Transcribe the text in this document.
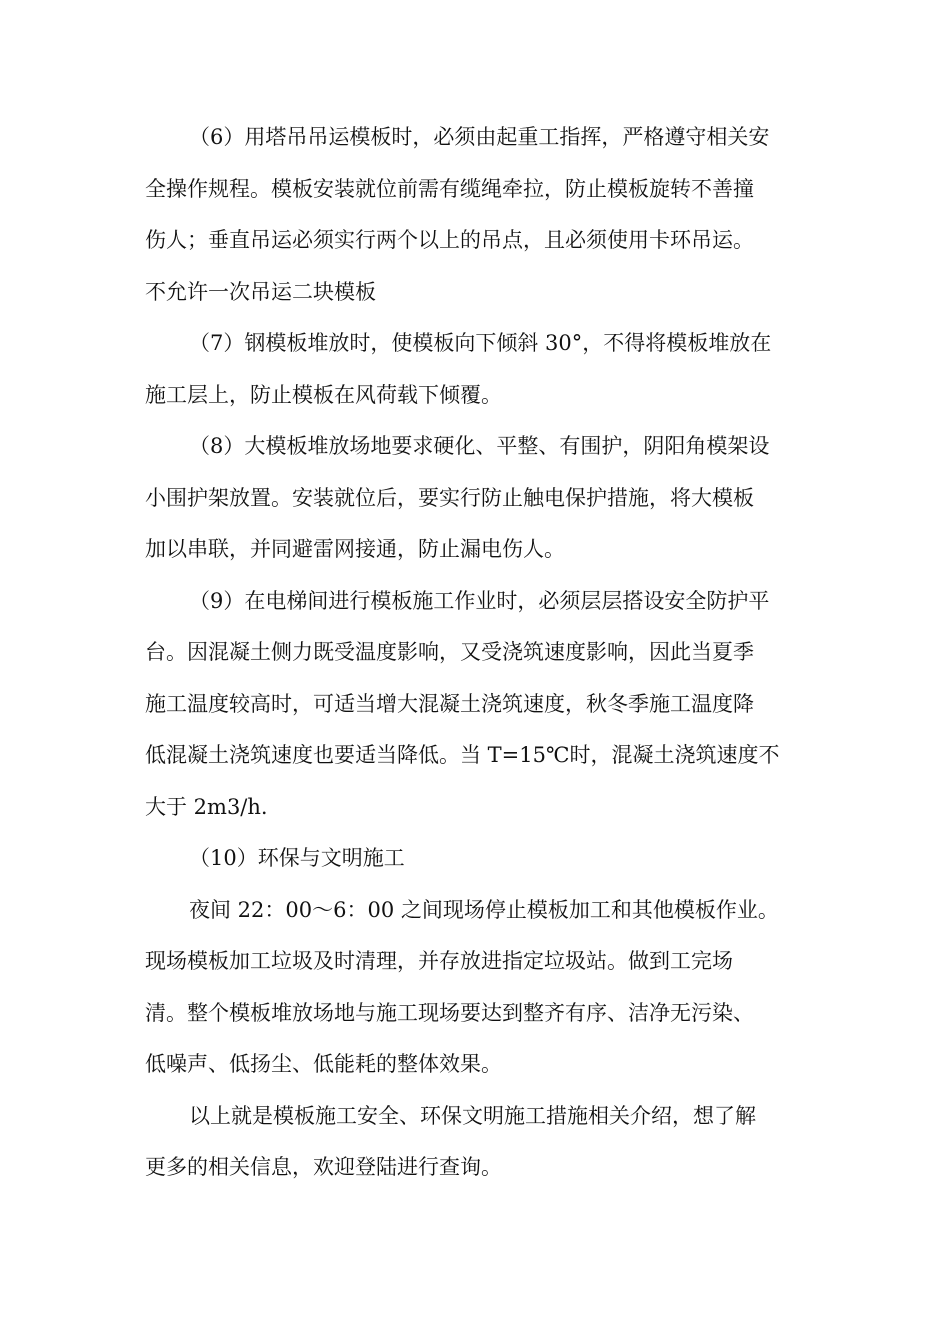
（6）用塔吊吊运模板时，必须由起重工指挥，严格遵守相关安
全操作规程。模板安装就位前需有缆绳牵拉，防止模板旋转不善撞
伤人；垂直吊运必须实行两个以上的吊点，且必须使用卡环吊运。
不允许一次吊运二块模板
（7）钢模板堆放时，使模板向下倾斜 30°，不得将模板堆放在
施工层上，防止模板在风荷载下倾覆。
（8）大模板堆放场地要求硬化、平整、有围护，阴阳角模架设
小围护架放置。安装就位后，要实行防止触电保护措施，将大模板
加以串联，并同避雷网接通，防止漏电伤人。
（9）在电梯间进行模板施工作业时，必须层层搭设安全防护平
台。因混凝土侧力既受温度影响，又受浇筑速度影响，因此当夏季
施工温度较高时，可适当增大混凝土浇筑速度，秋冬季施工温度降
低混凝土浇筑速度也要适当降低。当 T=15℃时，混凝土浇筑速度不
大于 2m3/h.
（10）环保与文明施工
夜间 22：00～6：00 之间现场停止模板加工和其他模板作业。
现场模板加工垃圾及时清理，并存放进指定垃圾站。做到工完场
清。整个模板堆放场地与施工现场要达到整齐有序、洁净无污染、
低噪声、低扬尘、低能耗的整体效果。
以上就是模板施工安全、环保文明施工措施相关介绍，想了解
更多的相关信息，欢迎登陆进行查询。
